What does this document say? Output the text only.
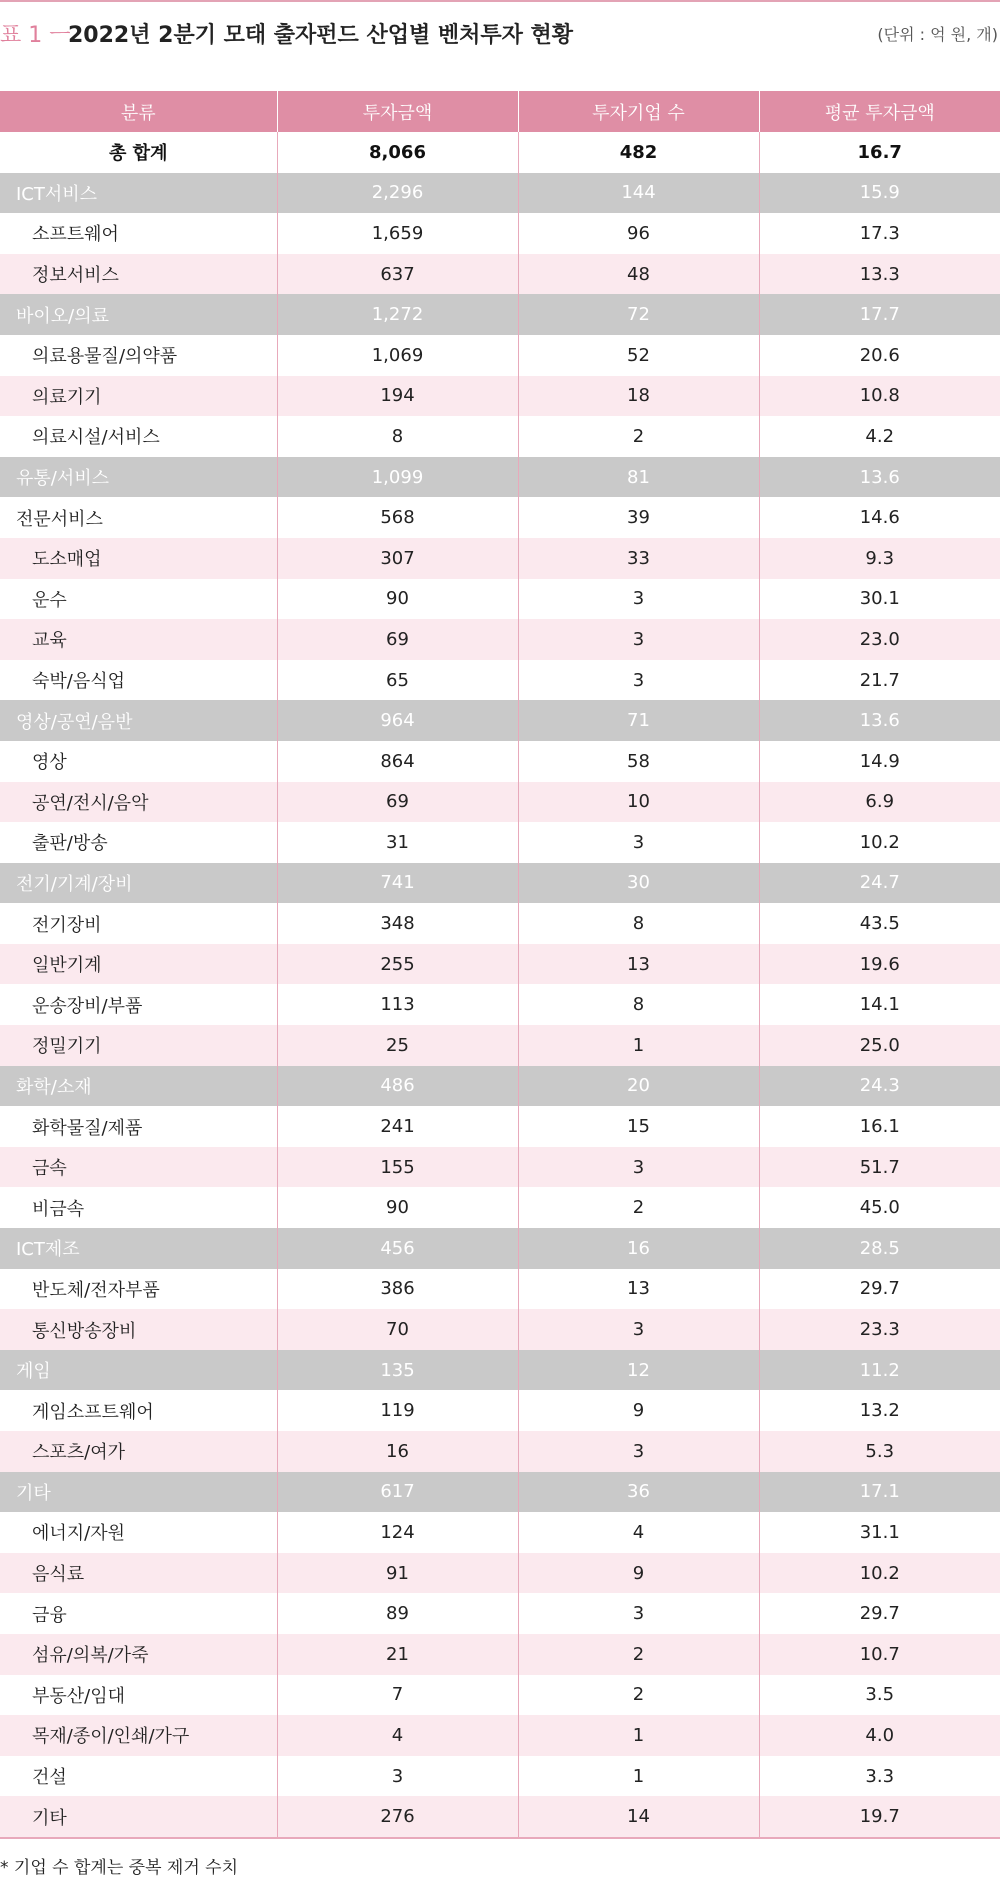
표 1 ㅡ
2022년 2분기 모태 출자펀드 산업별 벤처투자 현황	(단위 : 억 원, 개)
분류	투자금액	투자기업 수	평균 투자금액
총 합계	8,066	482	16.7
ICT서비스	2,296	144	15.9
소프트웨어	1,659	96	17.3
정보서비스	637	48	13.3
바이오/의료	1,272	72	17.7
의료용물질/의약품	1,069	52	20.6
의료기기	194	18	10.8
의료시설/서비스	8	2	4.2
유통/서비스	1,099	81	13.6
전문서비스	568	39	14.6
도소매업	307	33	9.3
운수	90	3	30.1
교육	69	3	23.0
숙박/음식업	65	3	21.7
영상/공연/음반	964	71	13.6
영상	864	58	14.9
공연/전시/음악	69	10	6.9
출판/방송	31	3	10.2
전기/기계/장비	741	30	24.7
전기장비	348	8	43.5
일반기계	255	13	19.6
운송장비/부품	113	8	14.1
정밀기기	25	1	25.0
화학/소재	486	20	24.3
화학물질/제품	241	15	16.1
금속	155	3	51.7
비금속	90	2	45.0
ICT제조	456	16	28.5
반도체/전자부품	386	13	29.7
통신방송장비	70	3	23.3
게임	135	12	11.2
게임소프트웨어	119	9	13.2
스포츠/여가	16	3	5.3
기타	617	36	17.1
에너지/자원	124	4	31.1
음식료	91	9	10.2
금융	89	3	29.7
섬유/의복/가죽	21	2	10.7
부동산/임대	7	2	3.5
목재/종이/인쇄/가구	4	1	4.0
건설	3	1	3.3
기타	276	14	19.7
* 기업 수 합계는 중복 제거 수치
